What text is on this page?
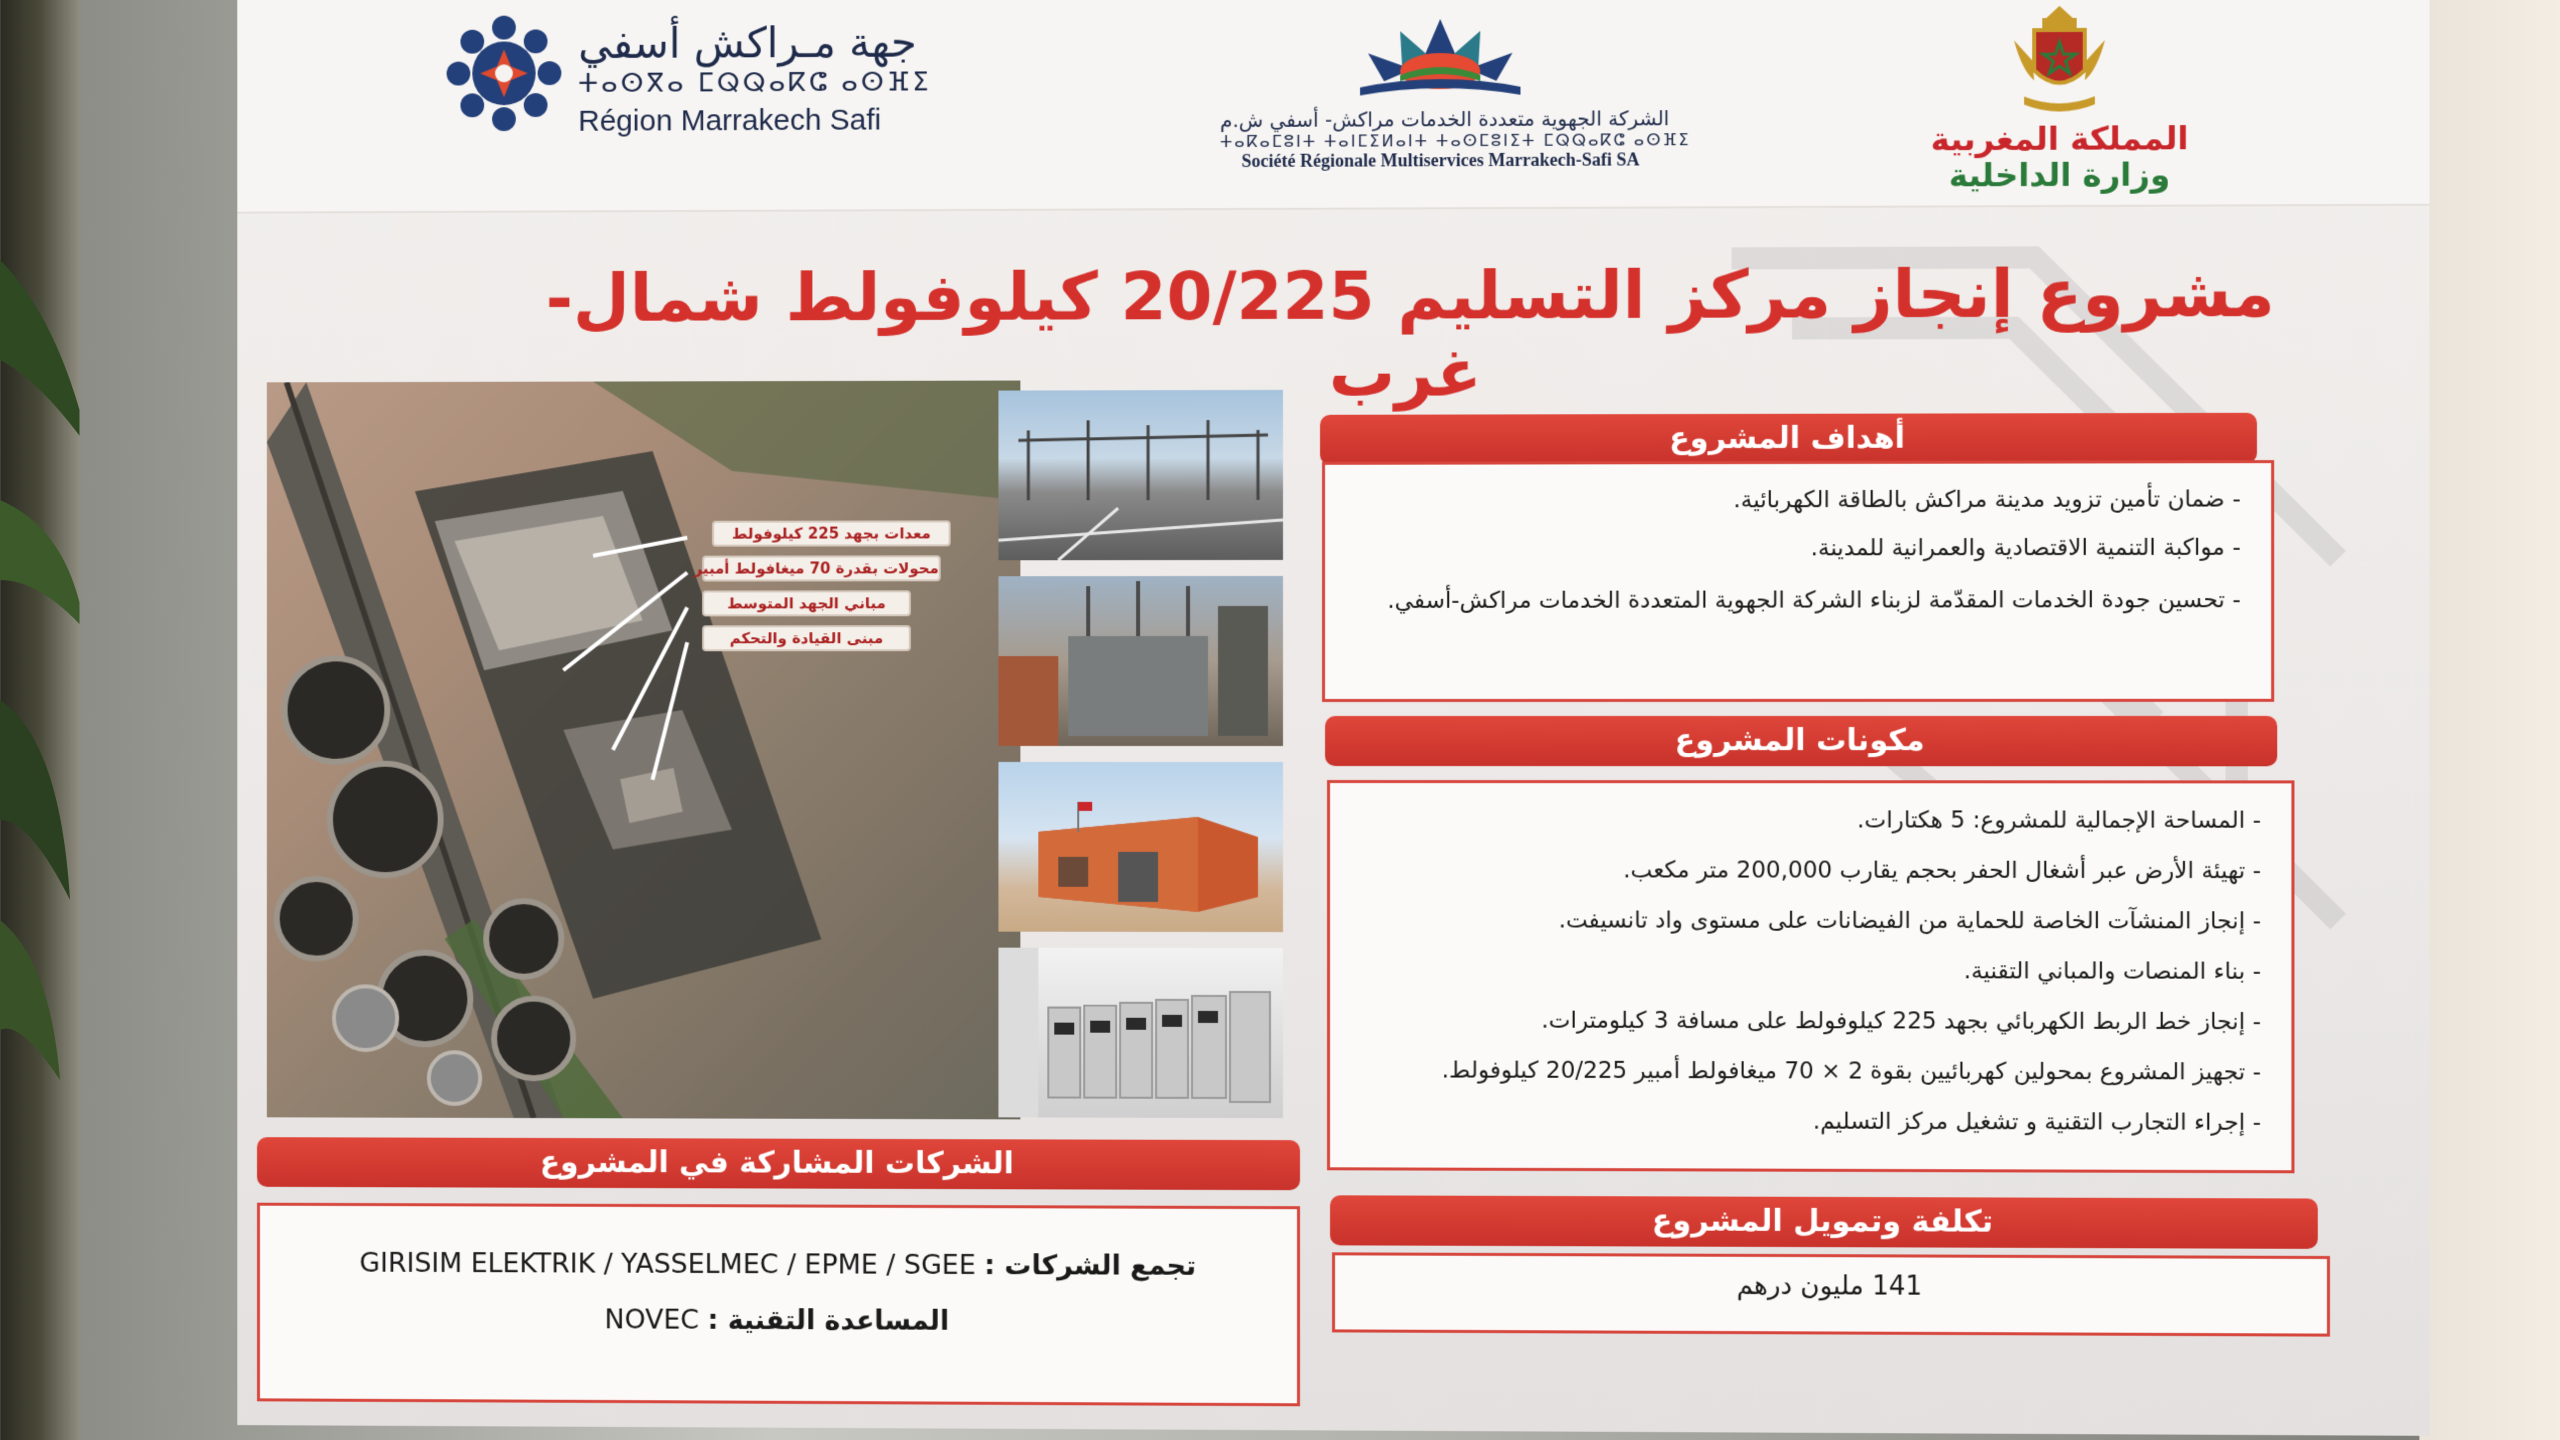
جهة مـراكش أسفي
ⵜⴰⵙⴳⴰ ⵎⵕⵕⴰⴽⵛ ⴰⵙⴼⵉ
Région Marrakech Safi	الشركة الجهوية متعددة الخدمات مراكش- أسفي ش.م
ⵜⴰⴽⴰⵎⵓⵏⵜ ⵜⴰⵏⵎⵉⵍⴰⵏⵜ ⵜⴰⵙⵎⵓⵏⵉⵜ ⵎⵕⵕⴰⴽⵛ ⴰⵙⴼⵉ
Société Régionale Multiservices Marrakech-Safi SA
المملكة المغربية
وزارة الداخلية
مشروع إنجاز مركز التسليم 20/225 كيلوفولط شمال-غرب
معدات بجهد 225 كيلوفولط
محولات بقدرة 70 ميغافولط أمبير
مباني الجهد المتوسط
مبنى القيادة والتحكم
أهداف المشروع
- ضمان تأمين تزويد مدينة مراكش بالطاقة الكهربائية.
- مواكبة التنمية الاقتصادية والعمرانية للمدينة.
- تحسين جودة الخدمات المقدّمة لزبناء الشركة الجهوية المتعددة الخدمات مراكش-أسفي.
مكونات المشروع
- المساحة الإجمالية للمشروع: 5 هكتارات.
- تهيئة الأرض عبر أشغال الحفر بحجم يقارب 200,000 متر مكعب.
- إنجاز المنشآت الخاصة للحماية من الفيضانات على مستوى واد تانسيفت.
- بناء المنصات والمباني التقنية.
- إنجاز خط الربط الكهربائي بجهد 225 كيلوفولط على مسافة 3 كيلومترات.
- تجهيز المشروع بمحولين كهربائيين بقوة 2 × 70 ميغافولط أمبير 20/225 كيلوفولط.
- إجراء التجارب التقنية و تشغيل مركز التسليم.
الشركات المشاركة في المشروع
تجمع الشركات : GIRISIM ELEKTRIK / YASSELMEC / EPME / SGEE
المساعدة التقنية : NOVEC
تكلفة وتمويل المشروع
141 مليون درهم
